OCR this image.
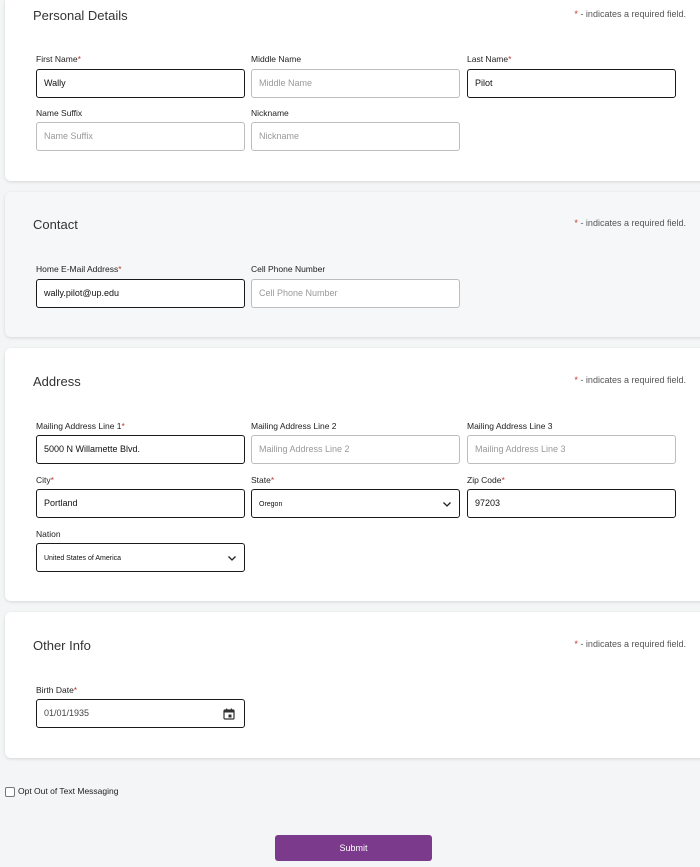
Personal Details	* - indicates a required field.
First Name*
Wally
Middle Name
Middle Name
Last Name*
Pilot
Name Suffix
Name Suffix
Nickname
Nickname
Contact	* - indicates a required field.
Home E-Mail Address*
wally.pilot@up.edu
Cell Phone Number
Cell Phone Number
Address	* - indicates a required field.
Mailing Address Line 1*
5000 N Willamette Blvd.
Mailing Address Line 2
Mailing Address Line 2
Mailing Address Line 3
Mailing Address Line 3
City*
Portland
State*
Oregon
Zip Code*
97203
Nation
United States of America
Other Info	* - indicates a required field.
Birth Date*
01/01/1935
Opt Out of Text Messaging
Submit
